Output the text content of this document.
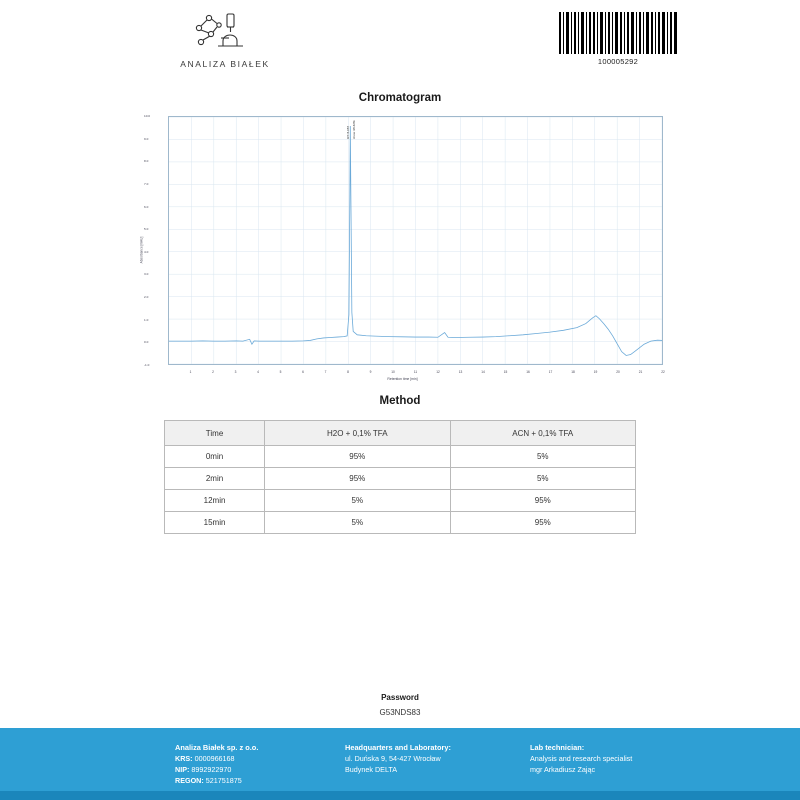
ANALIZA BIAŁEK	100005292
Chromatogram
Absorbance [mAU]
Retention time [min]
RT: 8.087 Area: 98.32%
10.0
9.0
8.0
7.0
6.0
5.0
4.0
3.0
2.0
1.0
0.0
-1.0
1	2	3	4	5	6	7	8	9	10	11	12	13	14	15	16	17	18	19	20	21	22
Method
Time	H2O + 0,1% TFA	ACN + 0,1% TFA
0min	95%	5%
2min	95%	5%
12min	5%	95%
15min	5%	95%
Password
G53NDS83
Analiza Białek sp. z o.o.
KRS: 0000966168
NIP: 8992922970
REGON: 521751875
Headquarters and Laboratory:
ul. Duńska 9, 54-427 Wrocław
Budynek DELTA
Lab technician:
Analysis and research specialist
mgr Arkadiusz Zając
